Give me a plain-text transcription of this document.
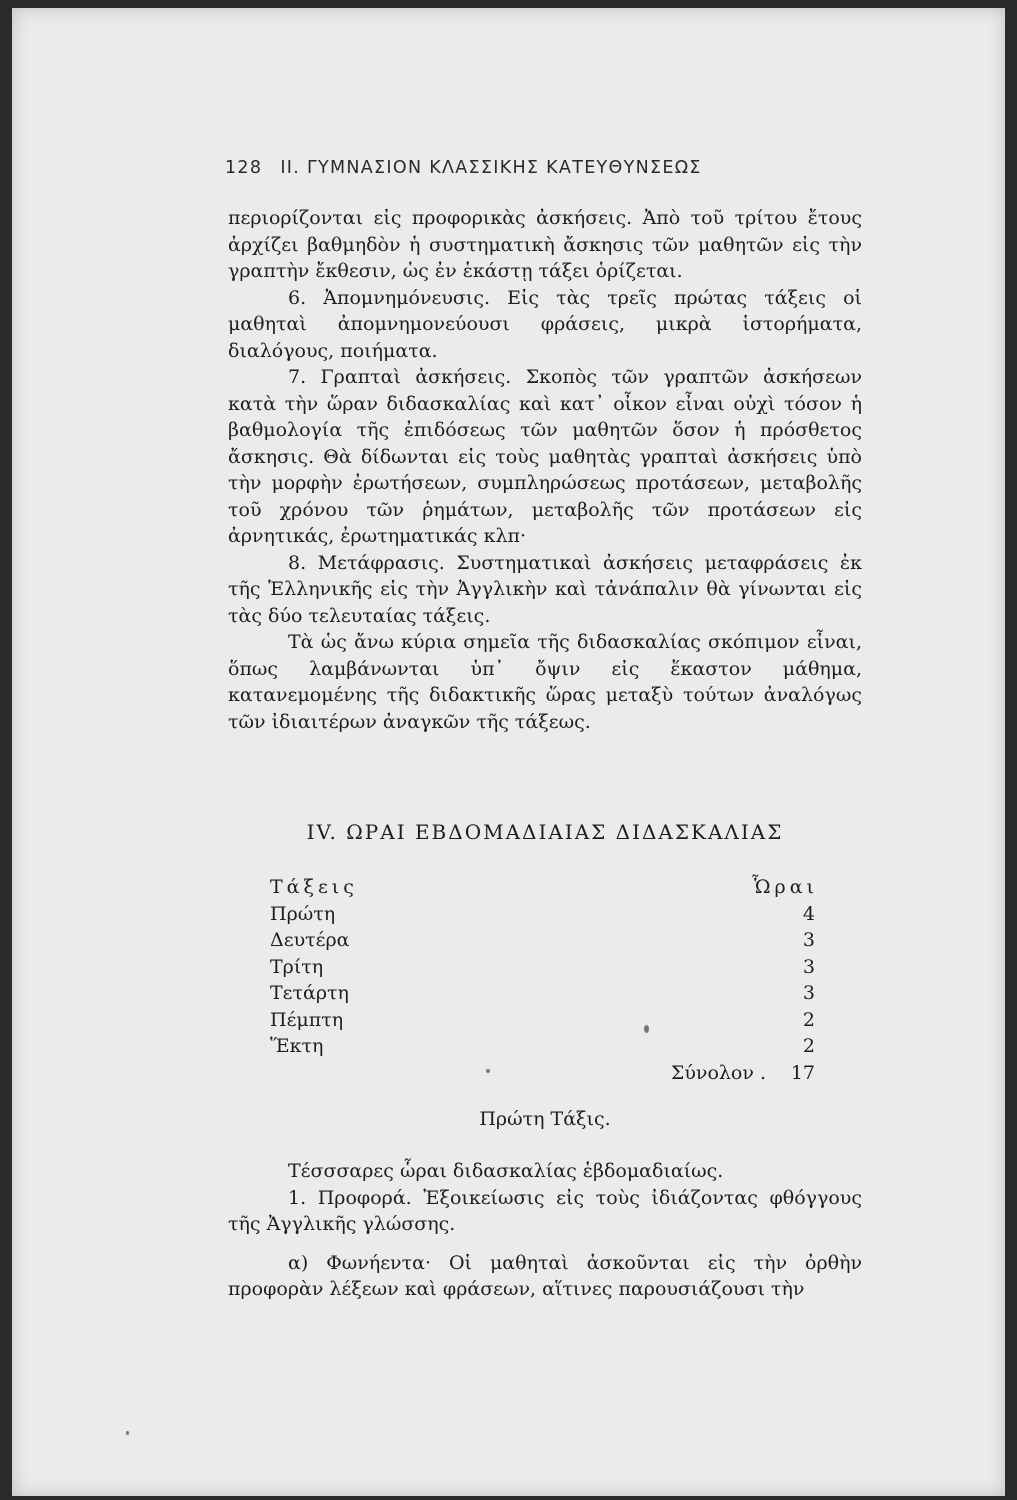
128 ΙΙ. ΓΥΜΝΑΣΙΟΝ ΚΛΑΣΣΙΚΗΣ ΚΑΤΕΥΘΥΝΣΕΩΣ

περιορίζονται εἰς προφορικὰς ἀσκήσεις. Ἀπὸ τοῦ τρίτου ἔτους ἀρχίζει βαθμηδὸν ἡ συστηματικὴ ἄσκησις τῶν μαθητῶν εἰς τὴν γραπτὴν ἔκθεσιν, ὡς ἐν ἑκάστῃ τάξει ὁρίζεται.

6. Ἀπομνημόνευσις. Εἰς τὰς τρεῖς πρώτας τάξεις οἱ μαθηταὶ ἀπομνημονεύουσι φράσεις, μικρὰ ἱστορήματα, διαλόγους, ποιήματα.

7. Γραπταὶ ἀσκήσεις. Σκοπὸς τῶν γραπτῶν ἀσκήσεων κατὰ τὴν ὥραν διδασκαλίας καὶ κατ᾽ οἶκον εἶναι οὐχὶ τόσον ἡ βαθμολογία τῆς ἐπιδόσεως τῶν μαθητῶν ὅσον ἡ πρόσθετος ἄσκησις. Θὰ δίδωνται εἰς τοὺς μαθητὰς γραπταὶ ἀσκήσεις ὑπὸ τὴν μορφὴν ἐρωτήσεων, συμπληρώσεως προτάσεων, μεταβολῆς τοῦ χρόνου τῶν ῥημάτων, μεταβολῆς τῶν προτάσεων εἰς ἀρνητικάς, ἐρωτηματικάς κλπ·

8. Μετάφρασις. Συστηματικαὶ ἀσκήσεις μεταφράσεις ἐκ τῆς Ἑλληνικῆς εἰς τὴν Ἀγγλικὴν καὶ τἀνάπαλιν θὰ γίνωνται εἰς τὰς δύο τελευταίας τάξεις.

Τὰ ὡς ἄνω κύρια σημεῖα τῆς διδασκαλίας σκόπιμον εἶναι, ὅπως λαμβάνωνται ὑπ᾽ ὄψιν εἰς ἕκαστον μάθημα, κατανεμομένης τῆς διδακτικῆς ὥρας μεταξὺ τούτων ἀναλόγως τῶν ἰδιαιτέρων ἀναγκῶν τῆς τάξεως.

IV. ΩΡΑΙ ΕΒΔΟΜΑΔΙΑΙΑΣ ΔΙΔΑΣΚΑΛΙΑΣ
Τάξεις	Ὧραι
Πρώτη	4
Δευτέρα	3
Τρίτη	3
Τετάρτη	3
Πέμπτη	2
Ἕκτη	2
Σύνολον . 17
Πρώτη Τάξις.

Τέσσσαρες ὧραι διδασκαλίας ἑβδομαδιαίως.

1. Προφορά. Ἐξοικείωσις εἰς τοὺς ἰδιάζοντας φθόγγους τῆς Ἀγγλικῆς γλώσσης.

α) Φωνήεντα· Οἱ μαθηταὶ ἀσκοῦνται εἰς τὴν ὀρθὴν προφορὰν λέξεων καὶ φράσεων, αἵτινες παρουσιάζουσι τὴν
